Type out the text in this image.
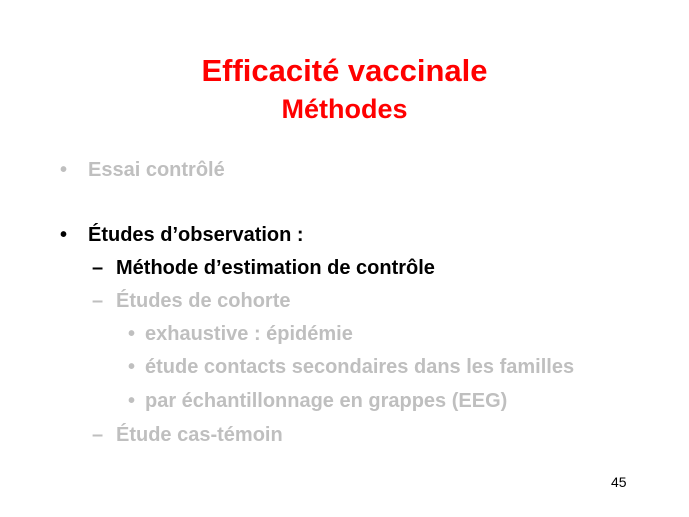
Efficacité vaccinale
Méthodes
• Essai contrôlé
• Études d’observation :
– Méthode d’estimation de contrôle
– Études de cohorte
• exhaustive : épidémie
• étude contacts secondaires dans les familles
• par échantillonnage en grappes (EEG)
– Étude cas-témoin
45
